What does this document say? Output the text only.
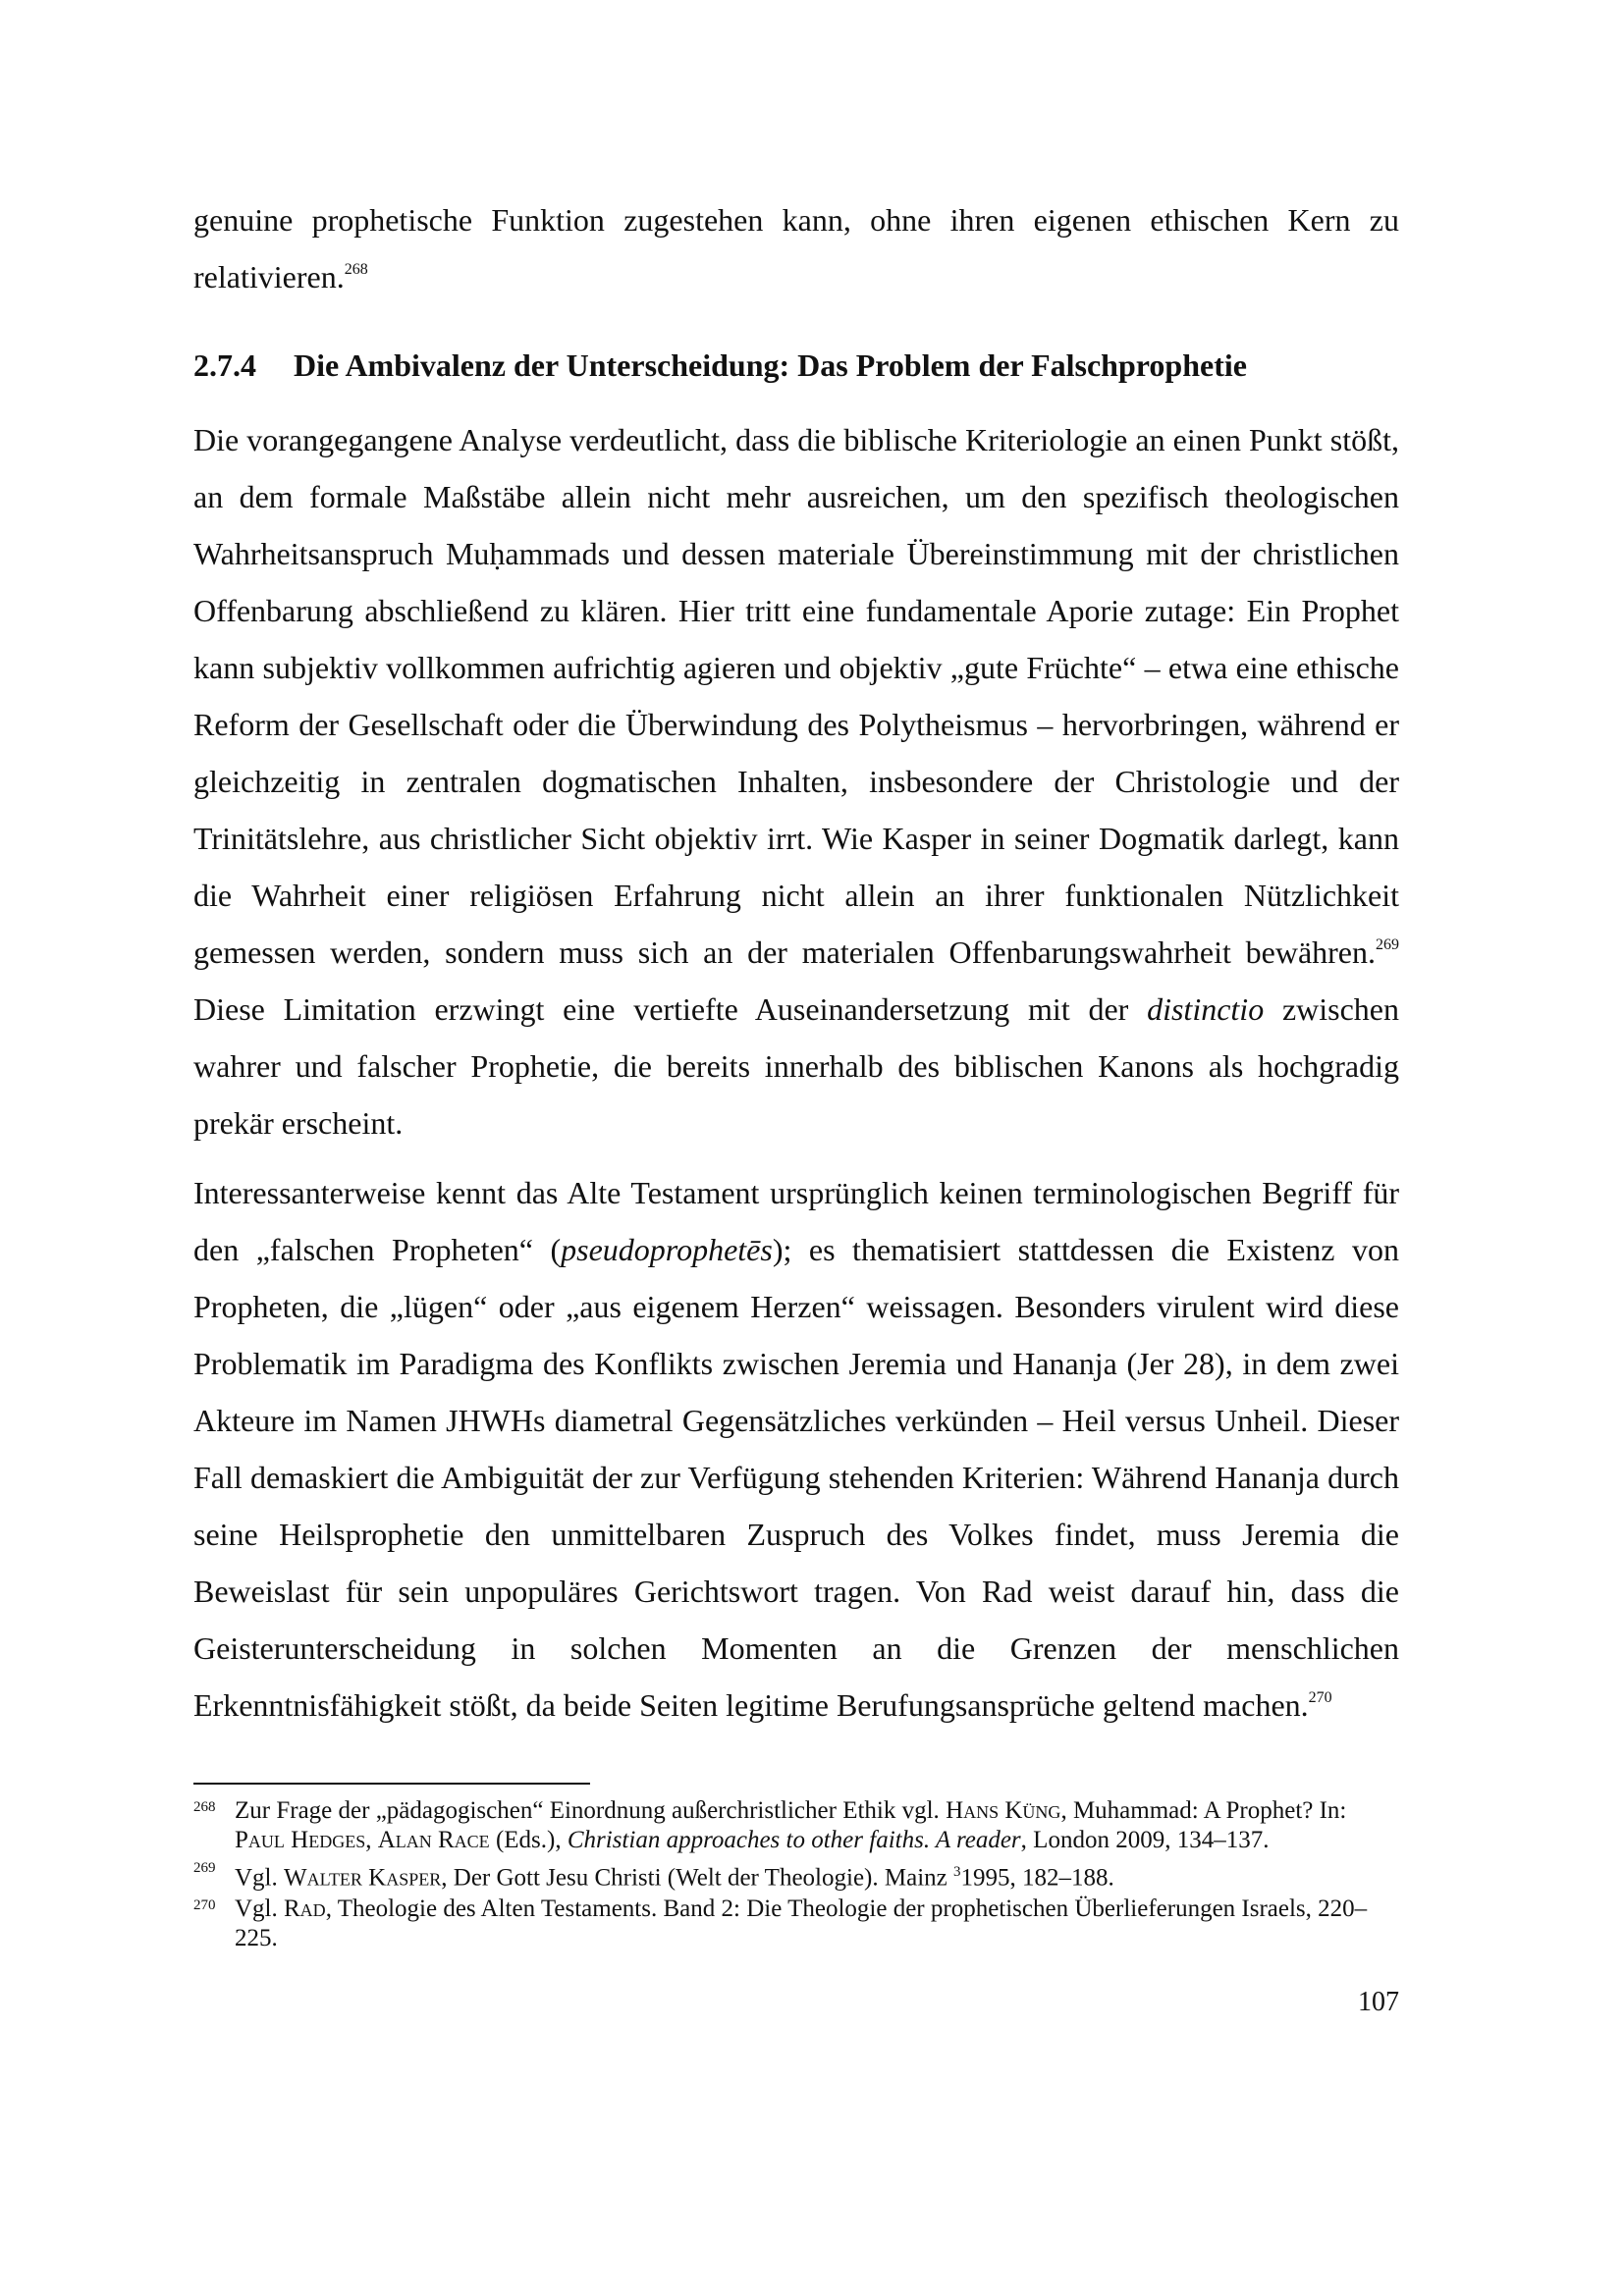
genuine prophetische Funktion zugestehen kann, ohne ihren eigenen ethischen Kern zu relativieren.$^{268}$

2.7.4 Die Ambivalenz der Unterscheidung: Das Problem der Falschprophetie

Die vorangegangene Analyse verdeutlicht, dass die biblische Kriteriologie an einen Punkt stößt, an dem formale Maßstäbe allein nicht mehr ausreichen, um den spezifisch theologischen Wahrheitsanspruch Muḥammads und dessen materiale Übereinstimmung mit der christlichen Offenbarung abschließend zu klären. Hier tritt eine fundamentale Aporie zutage: Ein Prophet kann subjektiv vollkommen aufrichtig agieren und objektiv „gute Früchte“ – etwa eine ethische Reform der Gesellschaft oder die Überwindung des Polytheismus – hervorbringen, während er gleichzeitig in zentralen dogmatischen Inhalten, insbesondere der Christologie und der Trinitätslehre, aus christlicher Sicht objektiv irrt. Wie Kasper in seiner Dogmatik darlegt, kann die Wahrheit einer religiösen Erfahrung nicht allein an ihrer funktionalen Nützlichkeit gemessen werden, sondern muss sich an der materialen Offenbarungswahrheit bewähren.$^{269}$ Diese Limitation erzwingt eine vertiefte Auseinandersetzung mit der distinctio zwischen wahrer und falscher Prophetie, die bereits innerhalb des biblischen Kanons als hochgradig prekär erscheint.

Interessanterweise kennt das Alte Testament ursprünglich keinen terminologischen Begriff für den „falschen Propheten“ (pseudoprophetēs); es thematisiert stattdessen die Existenz von Propheten, die „lügen“ oder „aus eigenem Herzen“ weissagen. Besonders virulent wird diese Problematik im Paradigma des Konflikts zwischen Jeremia und Hananja (Jer 28), in dem zwei Akteure im Namen JHWHs diametral Gegensätzliches verkünden – Heil versus Unheil. Dieser Fall demaskiert die Ambiguität der zur Verfügung stehenden Kriterien: Während Hananja durch seine Heilsprophetie den unmittelbaren Zuspruch des Volkes findet, muss Jeremia die Beweislast für sein unpopuläres Gerichtswort tragen. Von Rad weist darauf hin, dass die Geisterunterscheidung in solchen Momenten an die Grenzen der menschlichen Erkenntnisfähigkeit stößt, da beide Seiten legitime Berufungsansprüche geltend machen.$^{270}$

268 Zur Frage der „pädagogischen“ Einordnung außerchristlicher Ethik vgl. Hans Küng, Muhammad: A Prophet? In: Paul Hedges, Alan Race (Eds.), Christian approaches to other faiths. A reader, London 2009, 134–137.

269 Vgl. Walter Kasper, Der Gott Jesu Christi (Welt der Theologie). Mainz $^3$1995, 182–188.

270 Vgl. Rad, Theologie des Alten Testaments. Band 2: Die Theologie der prophetischen Überlieferungen Israels, 220–225.

107
